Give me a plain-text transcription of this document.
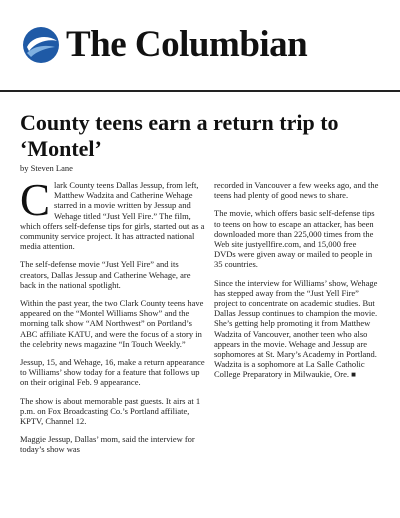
The Columbian
County teens earn a return trip to ‘Montel’
by Steven Lane

Clark County teens Dallas Jessup, from left, Matthew Wadzita and Catherine Wehage starred in a movie written by Jessup and Wehage titled “Just Yell Fire.” The film, which offers self-defense tips for girls, started out as a community service project. It has attracted national media attention.

The self-defense movie “Just Yell Fire” and its creators, Dallas Jessup and Catherine Wehage, are back in the national spotlight.

Within the past year, the two Clark County teens have appeared on the “Montel Williams Show” and the morning talk show “AM Northwest” on Portland’s ABC affiliate KATU, and were the focus of a story in the celebrity news magazine “In Touch Weekly.”

Jessup, 15, and Wehage, 16, make a return appearance to Williams’ show today for a feature that follows up on their original Feb. 9 appearance.

The show is about memorable past guests. It airs at 1 p.m. on Fox Broadcasting Co.’s Portland affiliate, KPTV, Channel 12.

Maggie Jessup, Dallas’ mom, said the interview for today’s show was

recorded in Vancouver a few weeks ago, and the teens had plenty of good news to share.

The movie, which offers basic self-defense tips to teens on how to escape an attacker, has been downloaded more than 225,000 times from the Web site justyellfire.com, and 15,000 free DVDs were given away or mailed to people in 35 countries.

Since the interview for Williams’ show, Wehage has stepped away from the “Just Yell Fire” project to concentrate on academic studies. But Dallas Jessup continues to champion the movie. She’s getting help promoting it from Matthew Wadzita of Vancouver, another teen who also appears in the movie. Wehage and Jessup are sophomores at St. Mary’s Academy in Portland. Wadzita is a sophomore at La Salle Catholic College Preparatory in Milwaukie, Ore. ■
